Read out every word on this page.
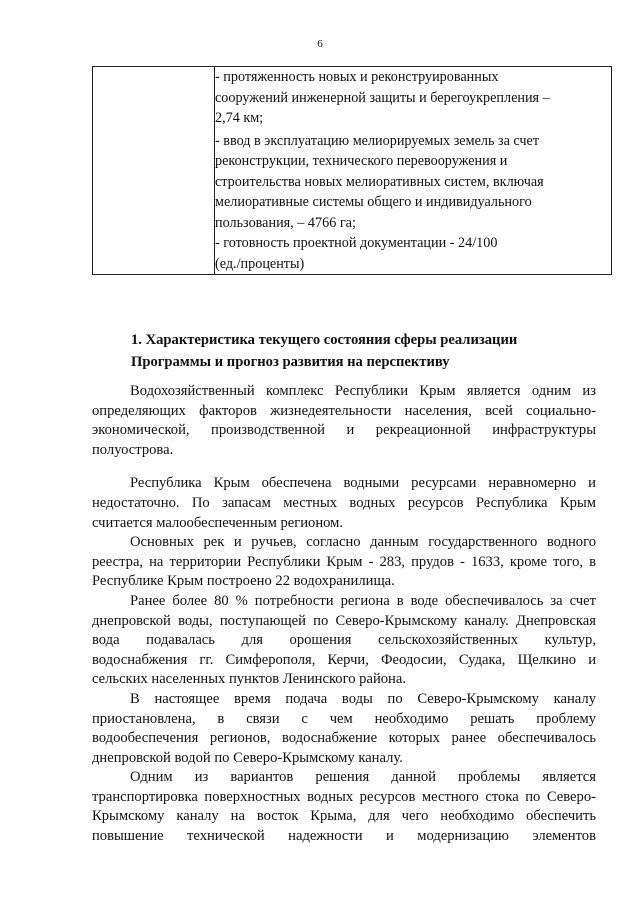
6

- протяженность новых и реконструированных
сооружений инженерной защиты и берегоукрепления –
2,74 км;
- ввод в эксплуатацию мелиорируемых земель за счет
реконструкции, технического перевооружения и
строительства новых мелиоративных систем, включая
мелиоративные системы общего и индивидуального
пользования, – 4766 га;
- готовность проектной документации - 24/100
(ед./проценты)
1. Характеристика текущего состояния сферы реализации
Программы и прогноз развития на перспективу

Водохозяйственный комплекс Республики Крым является одним из

определяющих факторов жизнедеятельности населения, всей социально-

экономической, производственной и рекреационной инфраструктуры

полуострова.

Республика Крым обеспечена водными ресурсами неравномерно и

недостаточно. По запасам местных водных ресурсов Республика Крым

считается малообеспеченным регионом.

Основных рек и ручьев, согласно данным государственного водного

реестра, на территории Республики Крым - 283, прудов - 1633, кроме того, в

Республике Крым построено 22 водохранилища.

Ранее более 80 % потребности региона в воде обеспечивалось за счет

днепровской воды, поступающей по Северо-Крымскому каналу. Днепровская

вода подавалась для орошения сельскохозяйственных культур,

водоснабжения гг. Симферополя, Керчи, Феодосии, Судака, Щелкино и

сельских населенных пунктов Ленинского района.

В настоящее время подача воды по Северо-Крымскому каналу

приостановлена, в связи с чем необходимо решать проблему

водообеспечения регионов, водоснабжение которых ранее обеспечивалось

днепровской водой по Северо-Крымскому каналу.

Одним из вариантов решения данной проблемы является

транспортировка поверхностных водных ресурсов местного стока по Северо-

Крымскому каналу на восток Крыма, для чего необходимо обеспечить

повышение технической надежности и модернизацию элементов
